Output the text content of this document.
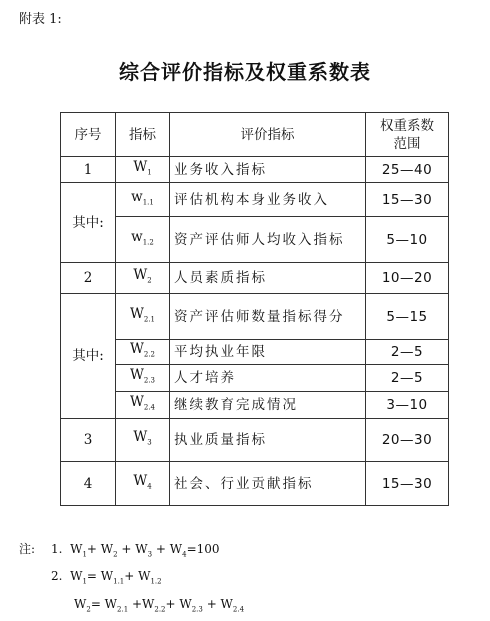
附表 1:
综合评价指标及权重系数表
序号	指标	评价指标	权重系数
范围
1	$W_1$	业务收入指标	25—40
其中:	$w_{1.1}$	评估机构本身业务收入	15—30
	$w_{1.2}$	资产评估师人均收入指标	5—10
2	$W_2$	人员素质指标	10—20
其中:	$W_{2.1}$	资产评估师数量指标得分	5—15
	$W_{2.2}$	平均执业年限	2—5
	$W_{2.3}$	人才培养	2—5
	$W_{2.4}$	继续教育完成情况	3—10
3	$W_3$	执业质量指标	20—30
4	$W_4$	社会、行业贡献指标	15—30
注: 1. $W_1+ W_2 + W_3 + W_4=100$
2. $W_1= W_{1.1}+ W_{1.2}$
$W_2= W_{2.1} +W_{2.2}+ W_{2.3} + W_{2.4}$
